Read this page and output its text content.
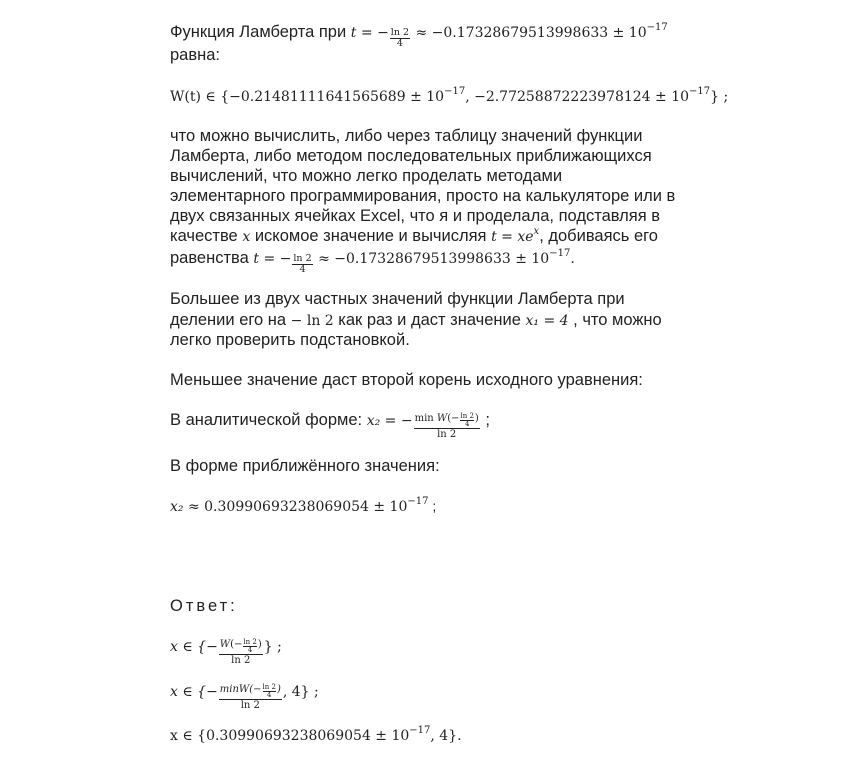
Функция Ламберта при t = − $\frac{\ln 2}{4} \approx -0.17328679513998633 \pm 10^{-17}$
равна:
W(t) ∈ {$-0.21481111641565689 \pm 10^{-17}$, $-2.77258872223978124 \pm 10^{-17}$} ;
что можно вычислить, либо через таблицу значений функции
Ламберта, либо методом последовательных приближающихся
вычислений, что можно легко проделать методами
элементарного программирования, просто на калькуляторе или в
двух связанных ячейках Excel, что я и проделала, подставляя в
качестве x искомое значение и вычисляя $t = xe^x$, добиваясь его
равенства t = − $\frac{\ln 2}{4} \approx -0.17328679513998633 \pm 10^{-17}$.
Большее из двух частных значений функции Ламберта при
делении его на − ln 2 как раз и даст значение x₁ = 4 , что можно
легко проверить подстановкой.
Меньшее значение даст второй корень исходного уравнения:
В аналитической форме: x₂ = − $\frac{\min W(- \frac{\ln 2}{4} )}{\ln 2}$ ;
В форме приближённого значения:
$x_2 \approx 0.30990693238069054 \pm 10^{-17}$ ;
Ответ:
x ∈ {− $\frac{W(- \frac{\ln 2}{4} )}{\ln 2}$ } ;
x ∈ {− $\frac{\min W(- \frac{\ln 2}{4} )}{\ln 2}$ , 4} ;
x ∈ {$0.30990693238069054 \pm 10^{-17}$, 4}.
